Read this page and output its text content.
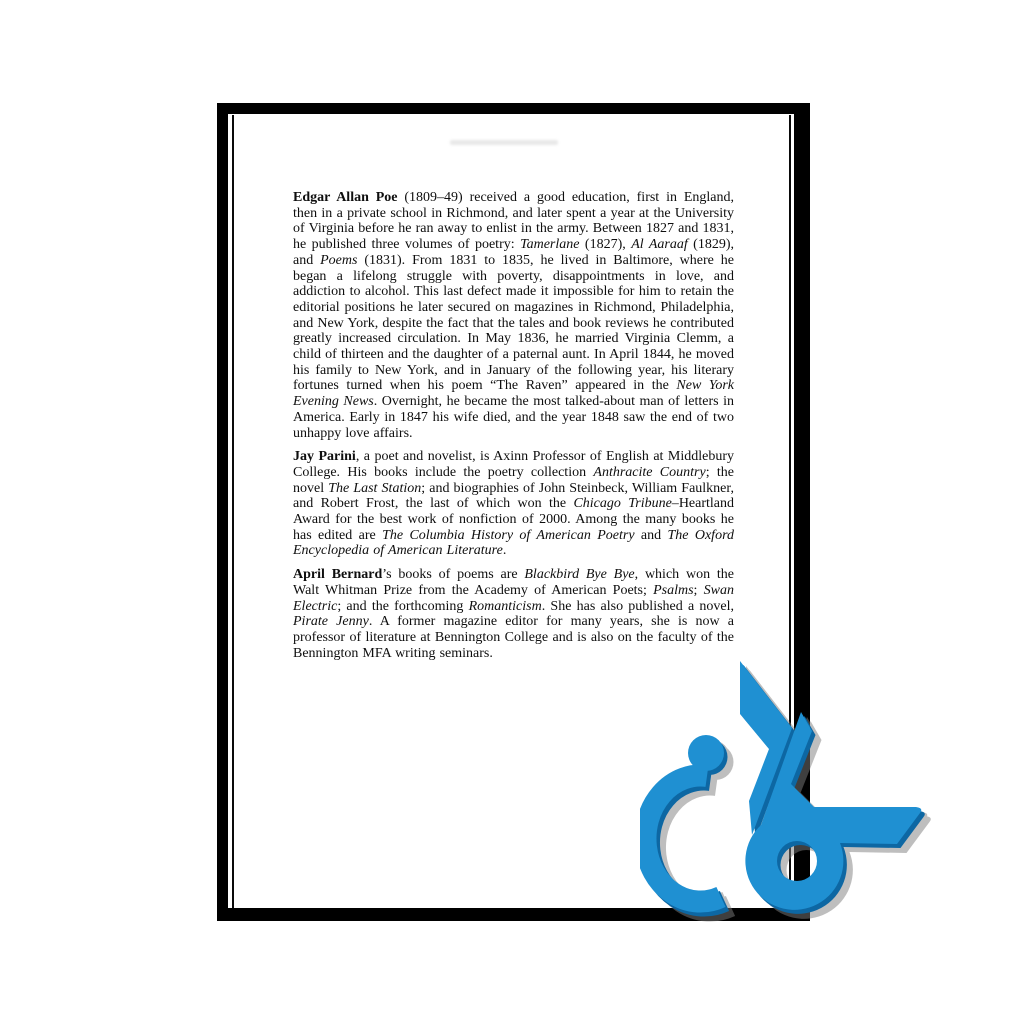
Edgar Allan Poe (1809–49) received a good education, first in England, then in a private school in Richmond, and later spent a year at the University of Virginia before he ran away to enlist in the army. Between 1827 and 1831, he published three volumes of poetry: Tamerlane (1827), Al Aaraaf (1829), and Poems (1831). From 1831 to 1835, he lived in Baltimore, where he began a lifelong struggle with poverty, disappointments in love, and addiction to alcohol. This last defect made it impossible for him to retain the editorial positions he later secured on magazines in Richmond, Philadelphia, and New York, despite the fact that the tales and book reviews he contributed greatly increased circulation. In May 1836, he married Virginia Clemm, a child of thirteen and the daughter of a paternal aunt. In April 1844, he moved his family to New York, and in January of the following year, his literary fortunes turned when his poem “The Raven” appeared in the New York Evening News. Overnight, he became the most talked-about man of letters in America. Early in 1847 his wife died, and the year 1848 saw the end of two unhappy love affairs.

Jay Parini, a poet and novelist, is Axinn Professor of English at Middlebury College. His books include the poetry collection Anthracite Country; the novel The Last Station; and biographies of John Steinbeck, William Faulkner, and Robert Frost, the last of which won the Chicago Tribune–Heartland Award for the best work of nonfiction of 2000. Among the many books he has edited are The Columbia History of American Poetry and The Oxford Encyclopedia of American Literature.

April Bernard’s books of poems are Blackbird Bye Bye, which won the Walt Whitman Prize from the Academy of American Poets; Psalms; Swan Electric; and the forthcoming Romanticism. She has also published a novel, Pirate Jenny. A former magazine editor for many years, she is now a professor of literature at Bennington College and is also on the faculty of the Bennington MFA writing seminars.
